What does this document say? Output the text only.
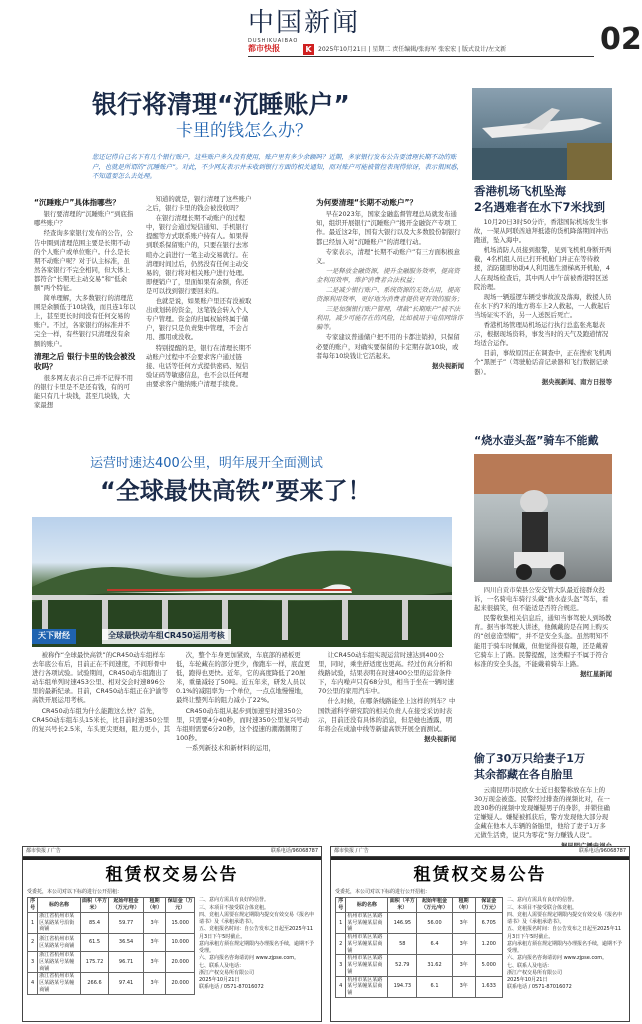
中国新闻
DUSHIKUAIBAO
K
都市快报	2025年10月21日 | 星期二 责任编辑/张海军 张宏宏 | 版式设计/左文新	02
银行将清理“沉睡账户”
卡里的钱怎么办？
您还记得自己名下有几个银行账户，这些账户多久没有使用，账户里有多少余额吗？近期，多家银行发布公告要清理长期不动的账户，也就是所谓的“沉睡账户”。对此，不少网友表示并未收到银行方面的相关通知，而对账户可能被管控表现得惊讶，表示很困惑，不知道要怎么去处理。
“沉睡账户”具体指哪些？

银行要清理的“沉睡账户”到底指哪些账户？

经查询多家银行发布的公告，公告中圈到清理范围主要是长期不动的个人账户或单位账户。什么是长期不动账户呢？对于认主标准，虽然各家银行不完全相同，但大体上都符合“长期无主动交易”和“低余额”两个特征。

简单理解，大多数银行的清理范围是余额低于10块钱，而且连1年以上，甚至更长时间没有任何交易的账户。不过，各家银行的标准并不完全一样，有些银行只清理没有余额的账户。

清理之后 银行卡里的钱会被没收吗？

很多网友表示自己并不记得不用的银行卡里是不是还有钱，有的可能只有几十块钱，甚至几块钱，大家最想

知道的就是，银行清理了这些账户之后，银行卡里的钱会被没收吗？

在银行清理长期不动账户的过程中，银行会通过短信通知、手机银行提醒等方式联系账户持有人。如果得到联系保留账户的，只要在银行去寒暄办之前进行一笔主动交易就行。在清理时间过后，仍然没有任何主动交易的，银行将对相关账户进行处理。即便销户了，里面如果有余额，你还是可以找到银行要回来的。

也就是说，如果账户里还有没被取出或划转的资金，这笔钱会转入个人专户管理。资金的归属权始终属于储户，银行只是负责集中管理，不会占用、挪用或没收。

特别提醒的是，银行在清理长期不动账户过程中不会要求客户通过链接、电话等任何方式提供密码、短信验证码等敏感信息，也不会以任何理由要求客户缴纳账户清理手续费。

为何要清理“长期不动账户”？

早在2023年，国家金融监督管理总局就发布通知，组织开展银行“沉睡账户”揭开金融资产专项工作。最近这2年，国有大银行以及大多数股份制银行都已经加入对“沉睡账户”的清理行动。

专家表示，清理“长期不动账户”有三方面积极意义。

一是释放金融资源，提升金融服务效率，提高资金利用效率，维护消费者合法权益；

二是减少银行账户、系统资源的无效占用，提高资源利用效率，更好地为消费者提供更有效的服务；

三是加强银行账户管理，堵截“长期账户”被不法利用，减少可能存在的风险，比如被用于电信网络诈骗等。

专家建议普通储户把不用的卡都注销掉，只保留必要的账户，对确实要保留的卡定期存款10块，或者每年10块钱让它活起来。

据央视新闻

运营时速达400公里，明年展开全面测试
“全球最快高铁”要来了！
天下财经	全球最快动车组CR450运用考核

被称作“全球最快高铁”的CR450动车组样车去年底公布后，目前正在不间速度，不间形骨中进行各项试验。试验期间，CR450动车组跑出了动车组单列时速453公里、相对交会时速896公里的最新纪录。目前，CR450动车组正在沪渝等高铁开展运用考核。

CR450动车组为什么能跑这么快？首先，CR450动车组车头15米长，比目前时速350公里的复兴号长2.5米，车头更尖更细，阻力更小，其

次，整个车身更加紧致，车底部的裙板更低，车轮藏在的部分更少，像跑车一样，底盘更低，跑得也更快。近年，它的高度降低了20厘米，重量减轻了50吨。近五年来，研发人员以0.1%的减阻率为一个单位，一点点地慢慢地，最终让整列车的阻力减小了22%。

CR450动车组从起步到加速至时速350公里，只需要4分40秒，而时速350公里复兴号动车组则需要6分20秒，这个提速的潮潮潮期了100秒。

一系列新技术和新材料的运用，

让CR450动车组实现运营时速达到400公里，同时，乘坐舒适度也更高。经过仿真分析和线路试验，结果表明在时速400公里的运营条件下，车内噪声只有68分贝，相当于坐在一辆时速70公里的家用汽车中。

什么时候，在哪条线路能坐上这样的列车？中国铁道科学研究院的相关负责人在接受采访时表示，目前还没有具体的消息，但是她也透露，明年将会在成渝中线等新建高铁开展全面测试。

据央视新闻

香港机场飞机坠海
2名遇难者在水下7米找到

10月20日3时50分许，香港国际机场发生事故，一架从阿联酋迪拜抵港的货机降落期间冲出跑道，坠入海中。

机场消防人员接到报警，见到飞机机身断开两截，4名机组人员已打开机舱门并正在等待救援，消防随即协助4人利用逃生滑梯离开机舱，4人在现场检查后，其中两人中午前被香港特区送院治理。

现场一辆巡逻车辆受事故波及落海，救援人员在水下约7米的地方将车上2人救起，一人救起后当场证实不治，另一人送医后死亡。

香港机场管理局机场运行执行总监张兆聪表示，根据现场资料，事发当时的天气及跑道情况均适合运作。

目前，事故原因正在调查中，正在搜索飞机两个“黑匣子”（驾驶舱话音记录器和飞行数据记录器）。

据央视新闻、南方日报等

“烧水壶头盔”骑车不能戴

四川自贡市荣县公安交管大队最近接群众投诉，一名骑电车骑行头戴“烧水壶头盔”驾车，看起来很搞笑，但不能适是否符合规范。

民警收集相关信息后，通知当事驾驶人到场教育。据当事驾驶人讲述，他佩戴的是在网上购买的“创意造型帽”，并不是安全头盔。虽然明知不能用于骑车时佩戴，但他觉得很有趣，还是戴着它骑车上了路。民警提醒，这类帽子不属于符合标准的安全头盔，不能戴着骑车上路。

据红星新闻

偷了30万只给妻子1万
其余都藏在各自胎里

云南昆明市民欧女士近日报警称放在车上的30万现金被盗。民警经过排查的视频比对，在一段30秒的视频中发现嫌疑男子的身影，并锁住确定嫌疑人。嫌疑被抓获后，警方发现他大部分现金藏在他本人车辆的备胎里，他给了妻子1万多元做生活费，说只为零花“努力赚钱人设”。

都市快报 / 广告	联系电话/96068787
租赁权交易公告
受委托，本公司对以下标的进行公开招租：
序号	标的名称	面积（平方米）	起始年租金（万元/年）	租期（年）	保证金（万元）
1	浙江省杭州市某区某路某号沿街商铺	85.4	59.77	3年	15.000
2	浙江省杭州市某区某路某号商铺	61.5	36.54	3年	10.000
3	浙江省杭州市某区某路某号某幢商铺	175.72	96.71	3年	20.000
4	浙江省杭州市某区某路某号某幢商铺	266.6	97.41	3年	20.000
二、意向方需具有良好的信誉。
三、本项目不接受联合体竞租。
四、竞租人需要在规定期限内提交有效交易《报名申请书》及《承租承诺书》。
五、竞租报名时间：自公告发布之日起至2025年11月3日下午5时截止。
意向承租方须在规定期限内办理报名手续，逾期不予受理。
六、意向报名咨询请访问 www.zjpse.com。
七、联系人及电话：
浙江产权交易所有限公司
2025年10月21日
联系电话 / 0571-87016072
都市快报 / 广告	联系电话/96068787
租赁权交易公告
受委托，本公司对以下标的进行公开招租：
序号	标的名称	面积（平方米）	起始年租金（万元/年）	租期（年）	保证金（万元）
1	杭州市某区某路某号某幢某层商铺	146.95	56.00	3年	6.705
2	杭州市某区某路某号某幢某层商铺	58	6.4	3年	1.200
3	杭州市某区某路某号某幢某层商铺	52.79	31.62	3年	5.000
4	杭州市某区某路某号某幢某层商铺	194.73	6.1	3年	1.633
二、意向方需具有良好的信誉。
三、本项目不接受联合体竞租。
四、竞租人需要在规定期限内提交有效交易《报名申请书》及《承租承诺书》。
五、竞租报名时间：自公告发布之日起至2025年11月3日下午5时截止。
意向承租方须在规定期限内办理报名手续，逾期不予受理。
六、意向报名咨询请访问 www.zjpse.com。
七、联系人及电话：
浙江产权交易所有限公司
2025年10月21日
联系电话 / 0571-87016072
